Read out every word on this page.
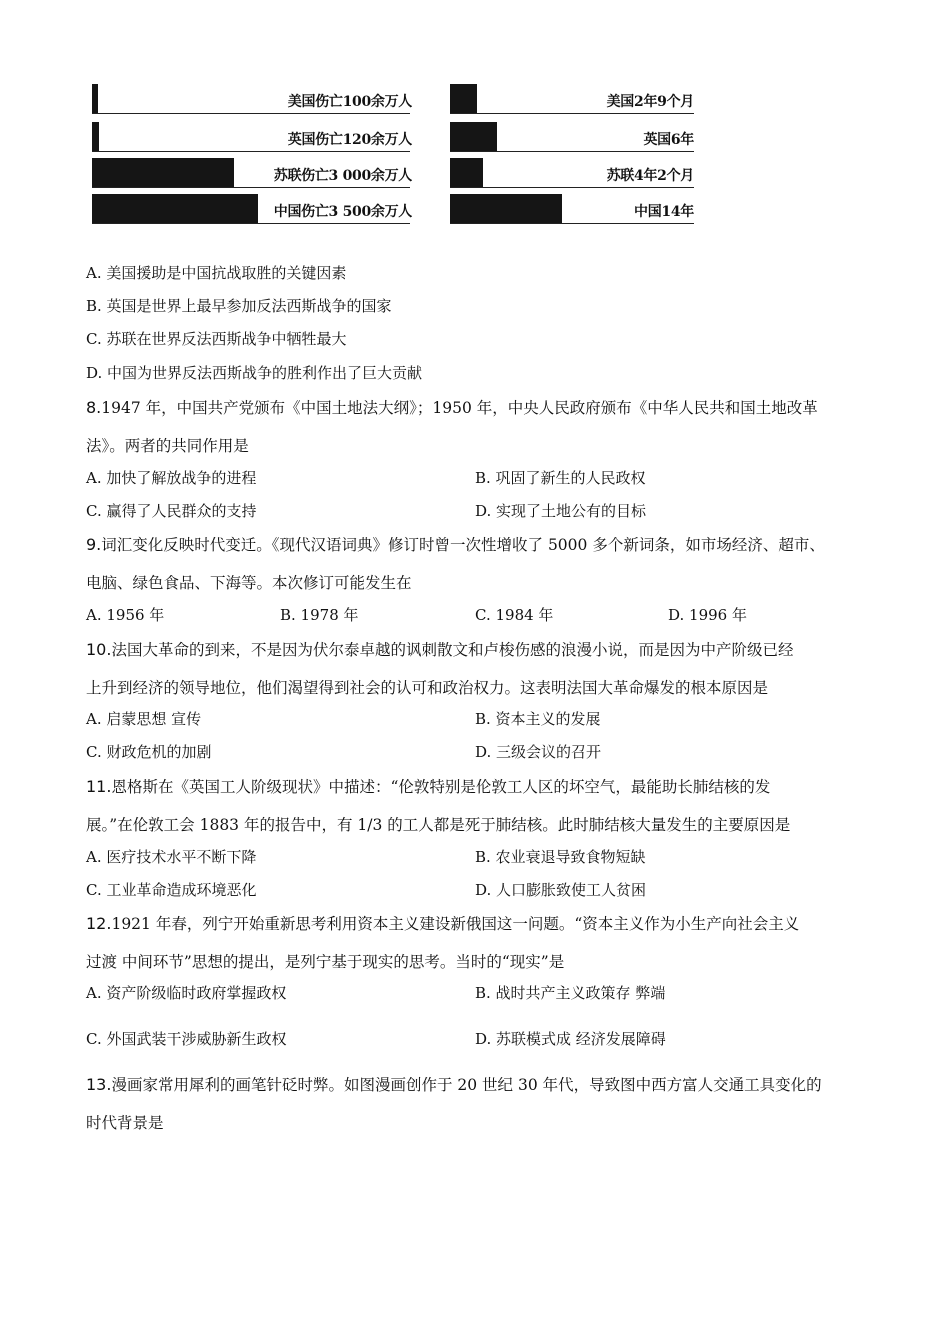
美国伤亡100余万人
英国伤亡120余万人
苏联伤亡3 000余万人
中国伤亡3 500余万人
美国2年9个月
英国6年
苏联4年2个月
中国14年
A. 美国援助是中国抗战取胜的关键因素
B. 英国是世界上最早参加反法西斯战争的国家
C. 苏联在世界反法西斯战争中牺牲最大
D. 中国为世界反法西斯战争的胜利作出了巨大贡献
8.1947 年，中国共产党颁布《中国土地法大纲》；1950 年，中央人民政府颁布《中华人民共和国土地改革
法》。两者的共同作用是
A. 加快了解放战争的进程	B. 巩固了新生的人民政权
C. 赢得了人民群众的支持	D. 实现了土地公有的目标
9.词汇变化反映时代变迁。《现代汉语词典》修订时曾一次性增收了 5000 多个新词条，如市场经济、超市、
电脑、绿色食品、下海等。本次修订可能发生在
A. 1956 年	B. 1978 年	C. 1984 年	D. 1996 年
10.法国大革命的到来，不是因为伏尔泰卓越的讽刺散文和卢梭伤感的浪漫小说，而是因为中产阶级已经
上升到经济的领导地位，他们渴望得到社会的认可和政治权力。这表明法国大革命爆发的根本原因是
A. 启蒙思想 宣传	B. 资本主义的发展
C. 财政危机的加剧	D. 三级会议的召开
11.恩格斯在《英国工人阶级现状》中描述：“伦敦特别是伦敦工人区的坏空气，最能助长肺结核的发
展。”在伦敦工会 1883 年的报告中，有 1/3 的工人都是死于肺结核。此时肺结核大量发生的主要原因是
A. 医疗技术水平不断下降	B. 农业衰退导致食物短缺
C. 工业革命造成环境恶化	D. 人口膨胀致使工人贫困
12.1921 年春，列宁开始重新思考利用资本主义建设新俄国这一问题。“资本主义作为小生产向社会主义
过渡 中间环节”思想的提出，是列宁基于现实的思考。当时的“现实”是
A. 资产阶级临时政府掌握政权	B. 战时共产主义政策存 弊端
C. 外国武装干涉威胁新生政权	D. 苏联模式成 经济发展障碍
13.漫画家常用犀利的画笔针砭时弊。如图漫画创作于 20 世纪 30 年代，导致图中西方富人交通工具变化的
时代背景是
